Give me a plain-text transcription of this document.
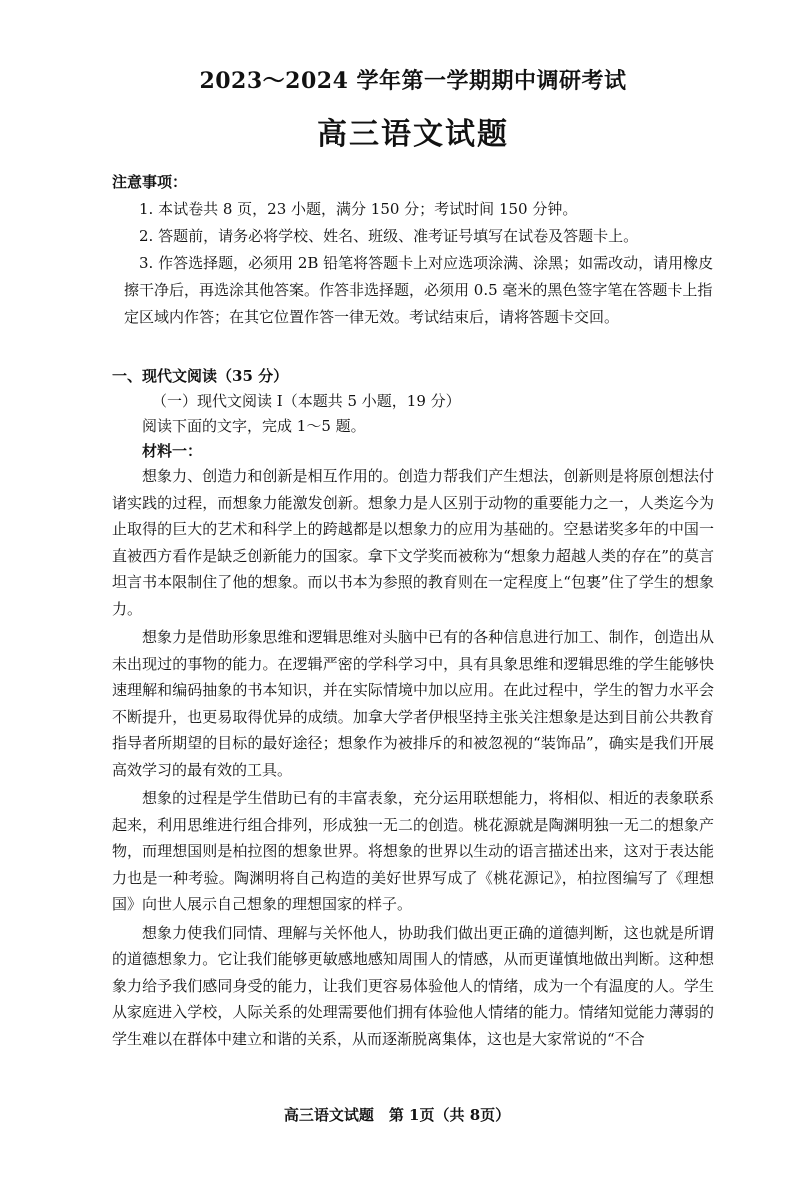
2023～2024 学年第一学期期中调研考试
高三语文试题
注意事项：

1. 本试卷共 8 页，23 小题，满分 150 分；考试时间 150 分钟。

2. 答题前，请务必将学校、姓名、班级、准考证号填写在试卷及答题卡上。

3. 作答选择题，必须用 2B 铅笔将答题卡上对应选项涂满、涂黑；如需改动，请用橡皮擦干净后，再选涂其他答案。作答非选择题，必须用 0.5 毫米的黑色签字笔在答题卡上指定区域内作答；在其它位置作答一律无效。考试结束后，请将答题卡交回。

一、现代文阅读（35 分）
（一）现代文阅读 I（本题共 5 小题，19 分）
阅读下面的文字，完成 1～5 题。
材料一：

想象力、创造力和创新是相互作用的。创造力帮我们产生想法，创新则是将原创想法付诸实践的过程，而想象力能激发创新。想象力是人区别于动物的重要能力之一，人类迄今为止取得的巨大的艺术和科学上的跨越都是以想象力的应用为基础的。空悬诺奖多年的中国一直被西方看作是缺乏创新能力的国家。拿下文学奖而被称为“想象力超越人类的存在”的莫言坦言书本限制住了他的想象。而以书本为参照的教育则在一定程度上“包裹”住了学生的想象力。

想象力是借助形象思维和逻辑思维对头脑中已有的各种信息进行加工、制作，创造出从未出现过的事物的能力。在逻辑严密的学科学习中，具有具象思维和逻辑思维的学生能够快速理解和编码抽象的书本知识，并在实际情境中加以应用。在此过程中，学生的智力水平会不断提升，也更易取得优异的成绩。加拿大学者伊根坚持主张关注想象是达到目前公共教育指导者所期望的目标的最好途径；想象作为被排斥的和被忽视的“装饰品”，确实是我们开展高效学习的最有效的工具。

想象的过程是学生借助已有的丰富表象，充分运用联想能力，将相似、相近的表象联系起来，利用思维进行组合排列，形成独一无二的创造。桃花源就是陶渊明独一无二的想象产物，而理想国则是柏拉图的想象世界。将想象的世界以生动的语言描述出来，这对于表达能力也是一种考验。陶渊明将自己构造的美好世界写成了《桃花源记》，柏拉图编写了《理想国》向世人展示自己想象的理想国家的样子。

想象力使我们同情、理解与关怀他人，协助我们做出更正确的道德判断，这也就是所谓的道德想象力。它让我们能够更敏感地感知周围人的情感，从而更谨慎地做出判断。这种想象力给予我们感同身受的能力，让我们更容易体验他人的情绪，成为一个有温度的人。学生从家庭进入学校，人际关系的处理需要他们拥有体验他人情绪的能力。情绪知觉能力薄弱的学生难以在群体中建立和谐的关系，从而逐渐脱离集体，这也是大家常说的“不合

高三语文试题　第 1页（共 8页）
